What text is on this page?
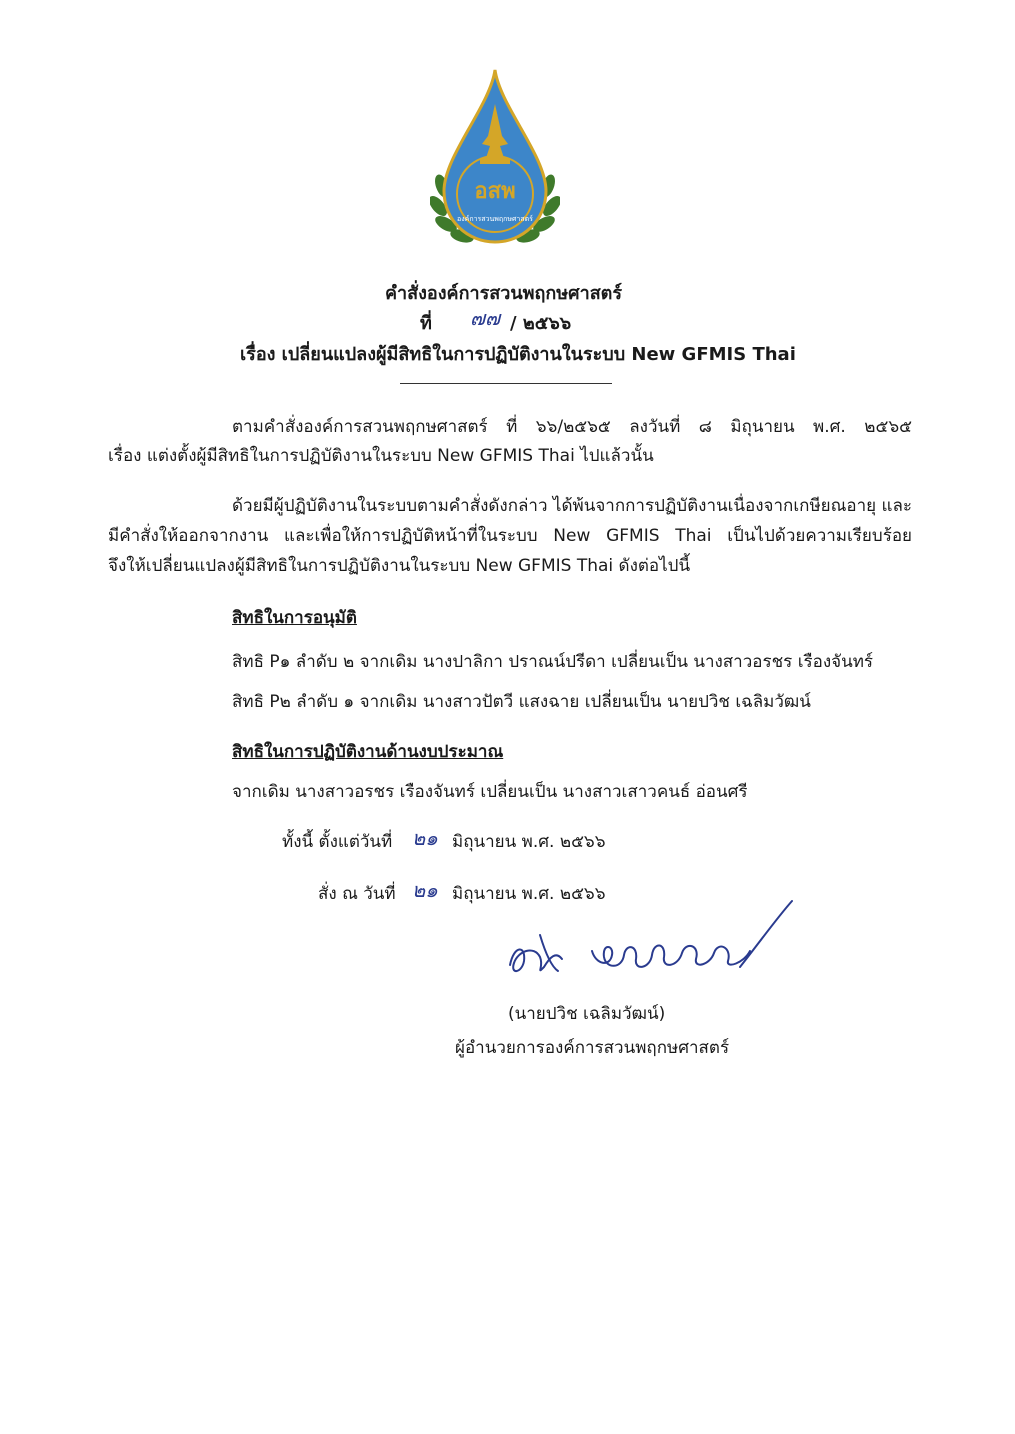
อสพ
องค์การสวนพฤกษศาสตร์
คำสั่งองค์การสวนพฤกษศาสตร์
ที่ ๗๗ / ๒๕๖๖
เรื่อง เปลี่ยนแปลงผู้มีสิทธิในการปฏิบัติงานในระบบ New GFMIS Thai
ตามคำสั่งองค์การสวนพฤกษศาสตร์ ที่ ๖๖/๒๕๖๕ ลงวันที่ ๘ มิถุนายน พ.ศ. ๒๕๖๕
เรื่อง แต่งตั้งผู้มีสิทธิในการปฏิบัติงานในระบบ New GFMIS Thai ไปแล้วนั้น
ด้วยมีผู้ปฏิบัติงานในระบบตามคำสั่งดังกล่าว ได้พ้นจากการปฏิบัติงานเนื่องจากเกษียณอายุ และ
มีคำสั่งให้ออกจากงาน และเพื่อให้การปฏิบัติหน้าที่ในระบบ New GFMIS Thai เป็นไปด้วยความเรียบร้อย
จึงให้เปลี่ยนแปลงผู้มีสิทธิในการปฏิบัติงานในระบบ New GFMIS Thai ดังต่อไปนี้
สิทธิในการอนุมัติ
สิทธิ P๑ ลำดับ ๒ จากเดิม นางปาลิกา ปราณน์ปรีดา เปลี่ยนเป็น นางสาวอรชร เรืองจันทร์
สิทธิ P๒ ลำดับ ๑ จากเดิม นางสาวปัตวี แสงฉาย เปลี่ยนเป็น นายปวิช เฉลิมวัฒน์
สิทธิในการปฏิบัติงานด้านงบประมาณ
จากเดิม นางสาวอรชร เรืองจันทร์ เปลี่ยนเป็น นางสาวเสาวคนธ์ อ่อนศรี
ทั้งนี้ ตั้งแต่วันที่ ๒๑ มิถุนายน พ.ศ. ๒๕๖๖
สั่ง ณ วันที่ ๒๑ มิถุนายน พ.ศ. ๒๕๖๖
(นายปวิช เฉลิมวัฒน์)
ผู้อำนวยการองค์การสวนพฤกษศาสตร์
